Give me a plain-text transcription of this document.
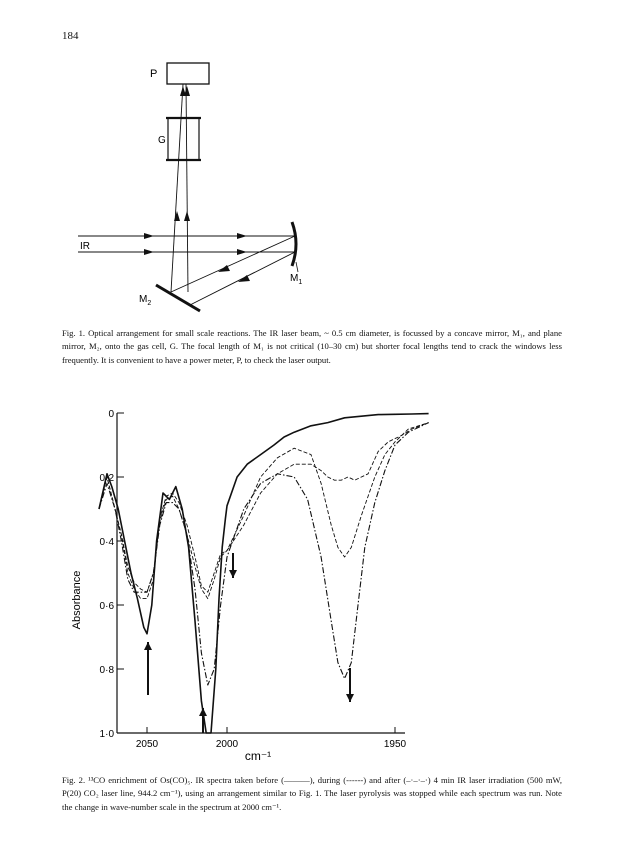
184
P
G
IR
$M_1$
$M_2$
Fig. 1. Optical arrangement for small scale reactions. The IR laser beam, ~ 0.5 cm diameter, is focussed by a concave mirror, M₁, and plane mirror, M₂, onto the gas cell, G. The focal length of M₁ is not critical (10–30 cm) but shorter focal lengths tend to crack the windows less frequently. It is convenient to have a power meter, P, to check the laser output.
0
0·2
0·4
0·6
0·8
1·0
2050	2000	1950
Absorbance
cm⁻¹
Fig. 2. ¹³CO enrichment of Os(CO)₅. IR spectra taken before (———), during (------) and after (–·–·–·) 4 min IR laser irradiation (500 mW, P(20) CO₂ laser line, 944.2 cm⁻¹), using an arrangement similar to Fig. 1. The laser pyrolysis was stopped while each spectrum was run. Note the change in wave-number scale in the spectrum at 2000 cm⁻¹.
